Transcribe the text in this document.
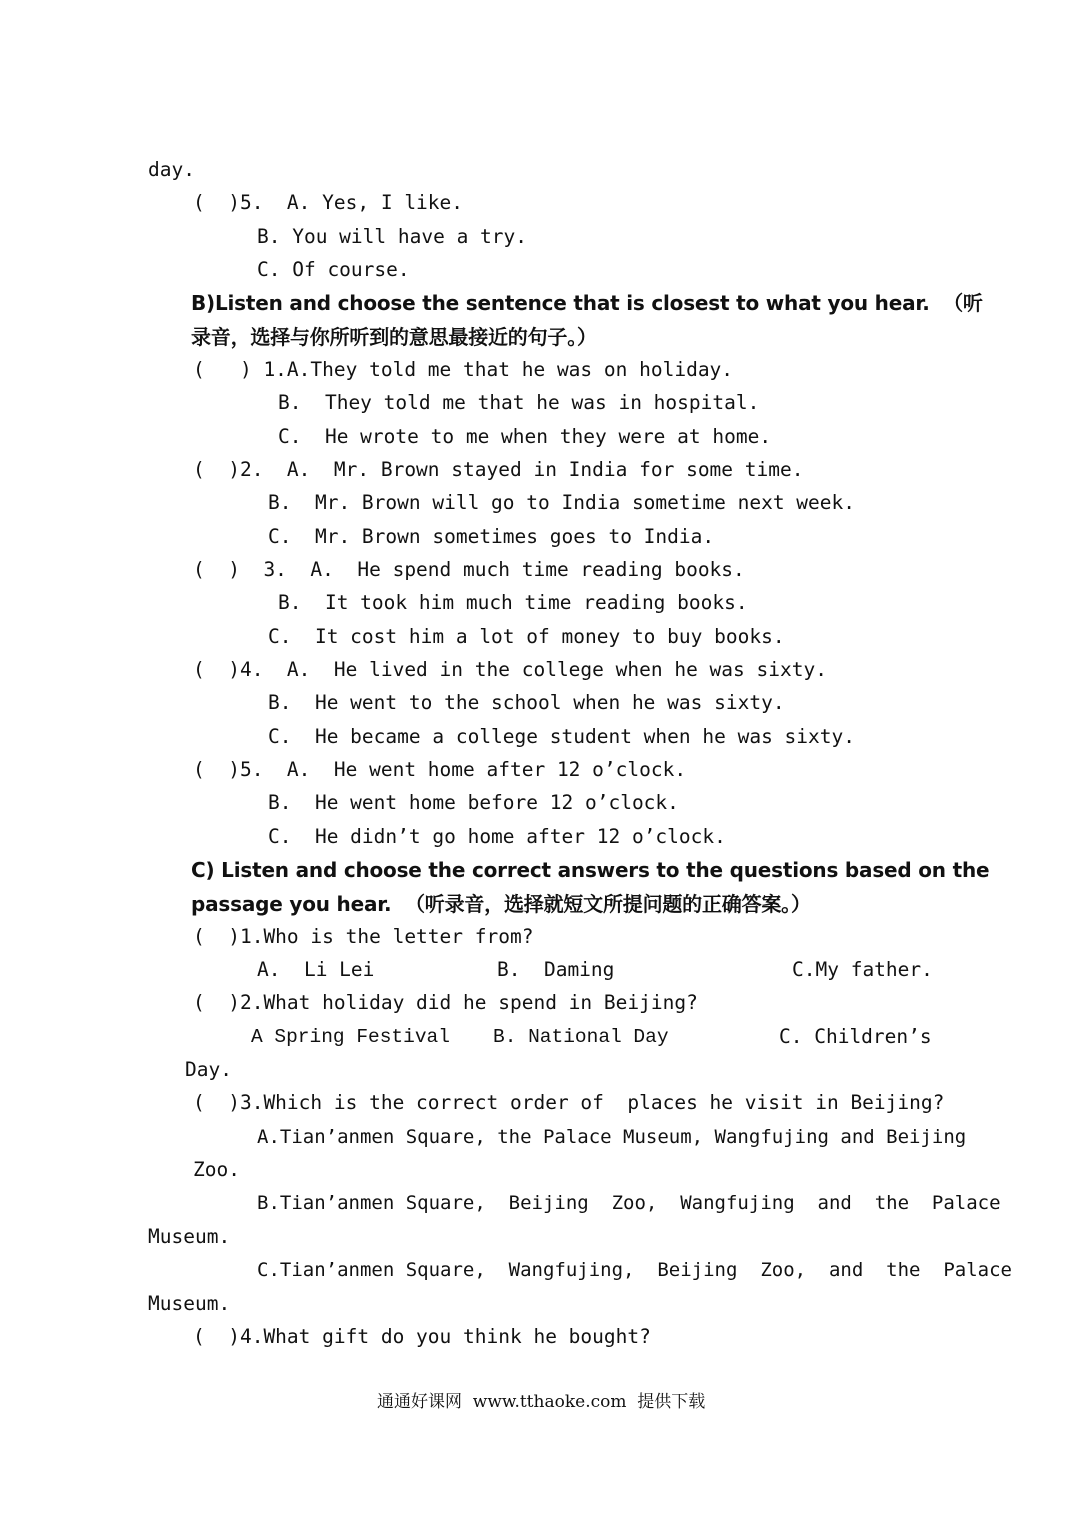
day.
(  )5.  A. Yes, I like.
B. You will have a try.
C. Of course.
B)Listen and choose the sentence that is closest to what you hear.  （听
录音，选择与你所听到的意思最接近的句子。）
(   ) 1.A.They told me that he was on holiday.
B.  They told me that he was in hospital.
C.  He wrote to me when they were at home.
(  )2.  A.  Mr. Brown stayed in India for some time.
B.  Mr. Brown will go to India sometime next week.
C.  Mr. Brown sometimes goes to India.
(  )  3.  A.  He spend much time reading books.
B.  It took him much time reading books.
C.  It cost him a lot of money to buy books.
(  )4.  A.  He lived in the college when he was sixty.
B.  He went to the school when he was sixty.
C.  He became a college student when he was sixty.
(  )5.  A.  He went home after 12 o’clock.
B.  He went home before 12 o’clock.
C.  He didn’t go home after 12 o’clock.
C) Listen and choose the correct answers to the questions based on the
passage you hear.  （听录音，选择就短文所提问题的正确答案。）
(  )1.Who is the letter from?
A.  Li Lei	B.  Daming	C.My father.
(  )2.What holiday did he spend in Beijing?
A Spring Festival B. National Day	C. Children’s
Day.
(  )3.Which is the correct order of  places he visit in Beijing?
A.Tian’anmen Square, the Palace Museum, Wangfujing and Beijing
Zoo.
B.Tian’anmen Square,  Beijing  Zoo,  Wangfujing  and  the  Palace
Museum.
C.Tian’anmen Square,  Wangfujing,  Beijing  Zoo,  and  the  Palace
Museum.
(  )4.What gift do you think he bought?
通通好课网  www.tthaoke.com  提供下载
